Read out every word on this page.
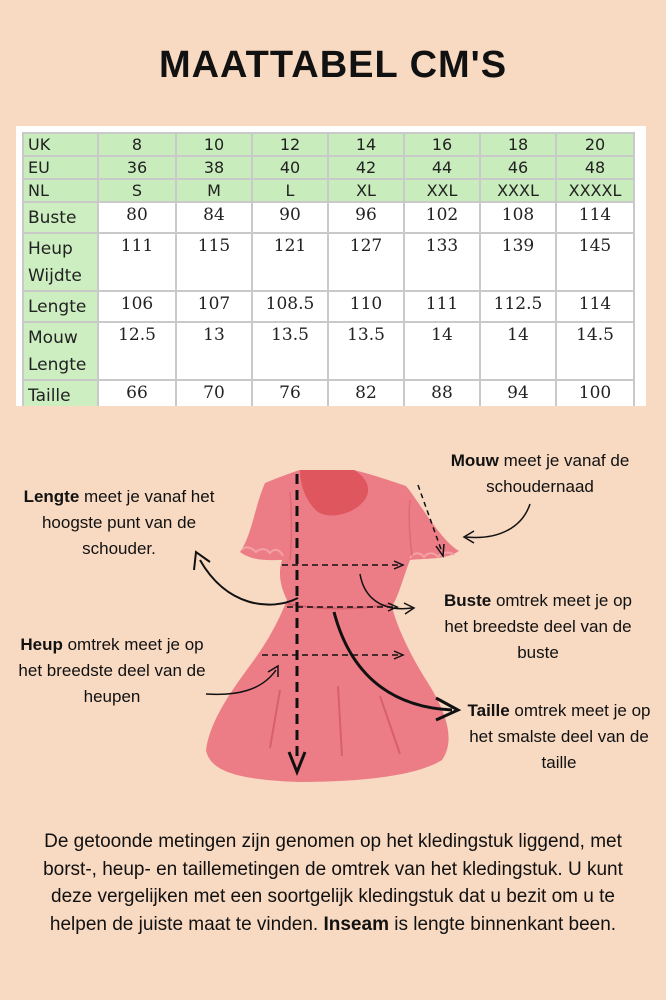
MAATTABEL CM'S
UK	8	10	12	14	16	18	20
EU	36	38	40	42	44	46	48
NL	S	M	L	XL	XXL	XXXL	XXXXL
Buste	80	84	90	96	102	108	114
Heup Wijdte	111	115	121	127	133	139	145
Lengte	106	107	108.5	110	111	112.5	114
Mouw Lengte	12.5	13	13.5	13.5	14	14	14.5
Taille	66	70	76	82	88	94	100
Lengte meet je vanaf het hoogste punt van de schouder.
Mouw meet je vanaf de schoudernaad
Buste omtrek meet je op het breedste deel van de buste
Heup omtrek meet je op het breedste deel van de heupen
Taille omtrek meet je op het smalste deel van de taille
De getoonde metingen zijn genomen op het kledingstuk liggend, met borst-, heup- en taillemetingen de omtrek van het kledingstuk. U kunt deze vergelijken met een soortgelijk kledingstuk dat u bezit om u te helpen de juiste maat te vinden. Inseam is lengte binnenkant been.
